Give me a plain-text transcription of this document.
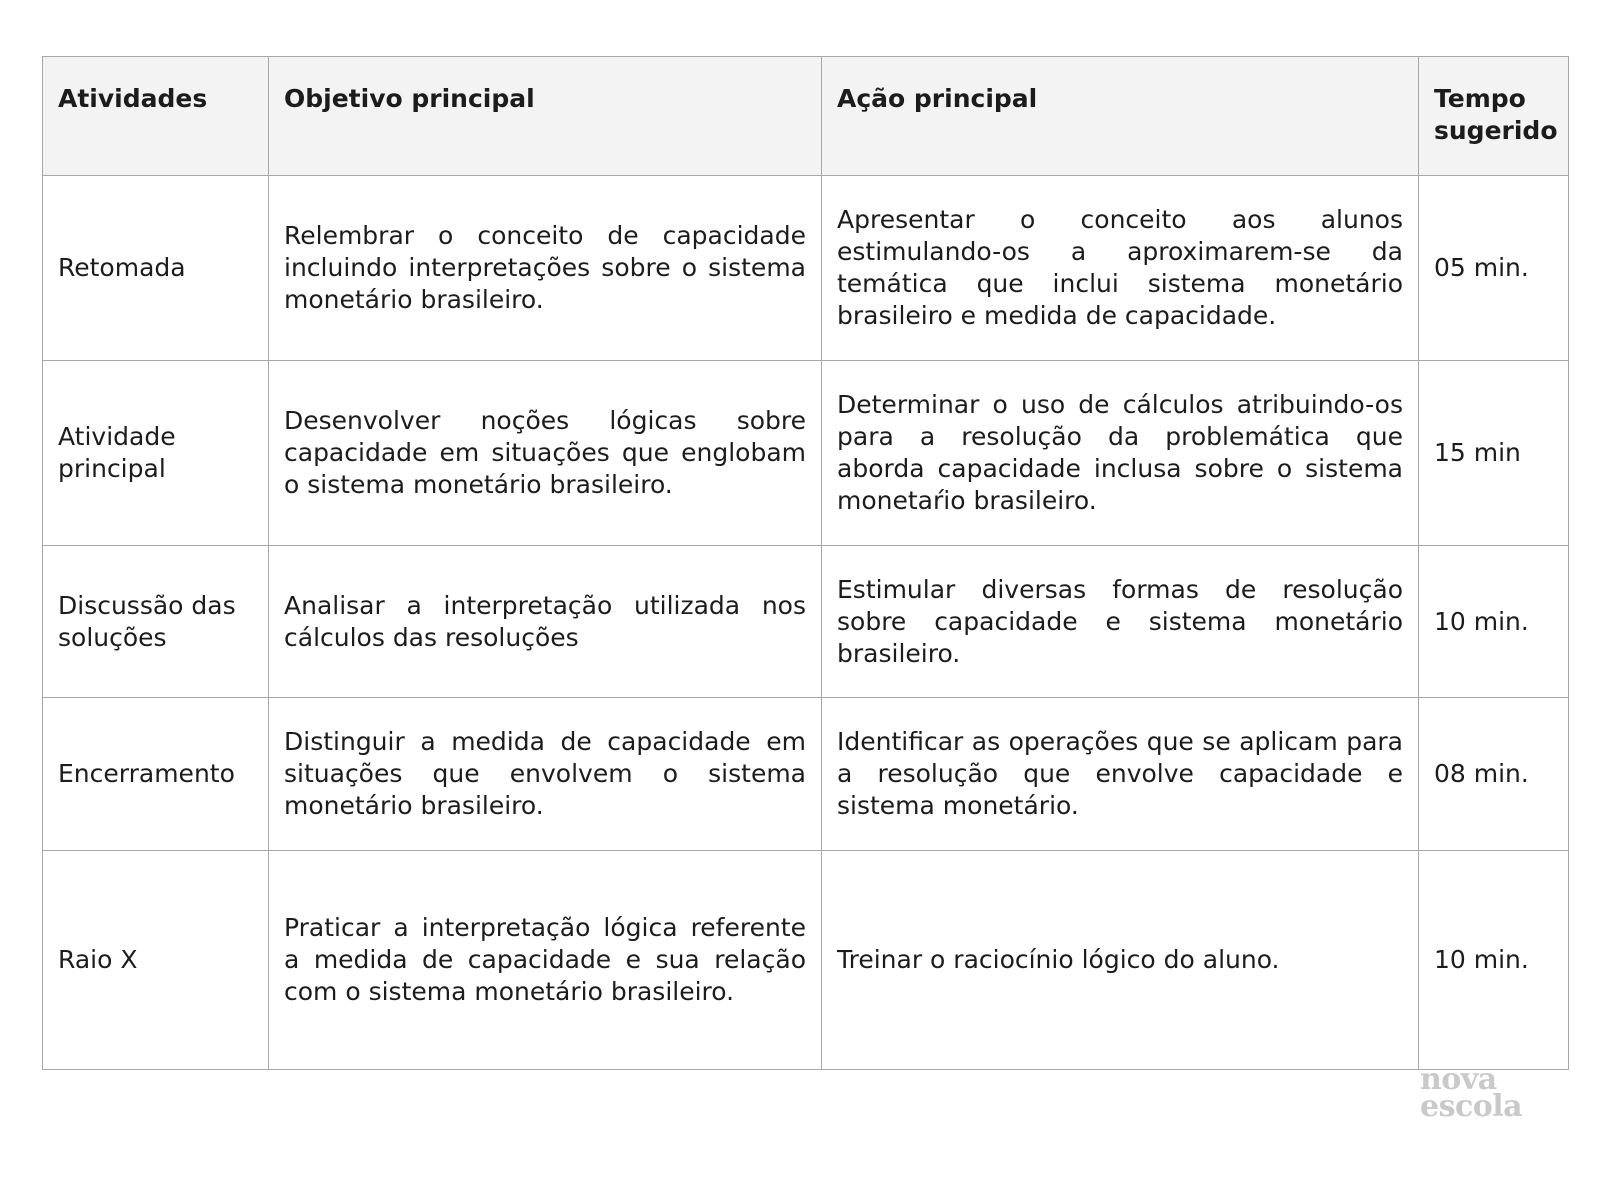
Atividades	Objetivo principal	Ação principal	Tempo sugerido
Retomada	Relembrar o conceito de capacidade incluindo interpretações sobre o sistema monetário brasileiro.	Apresentar o conceito aos alunos estimulando-os a aproximarem-se da temática que inclui sistema monetário brasileiro e medida de capacidade.	05 min.
Atividade principal	Desenvolver noções lógicas sobre capacidade em situações que englobam o sistema monetário brasileiro.	Determinar o uso de cálculos atribuindo-os para a resolução da problemática que aborda capacidade inclusa sobre o sistema monetaŕio brasileiro.	15 min
Discussão das soluções	Analisar a interpretação utilizada nos cálculos das resoluções	Estimular diversas formas de resolução sobre capacidade e sistema monetário brasileiro.	10 min.
Encerramento	Distinguir a medida de capacidade em situações que envolvem o sistema monetário brasileiro.	Identificar as operações que se aplicam para a resolução que envolve capacidade e sistema monetário.	08 min.
Raio X	Praticar a interpretação lógica referente a medida de capacidade e sua relação com o sistema monetário brasileiro.	Treinar o raciocínio lógico do aluno.	10 min.
nova
escola
